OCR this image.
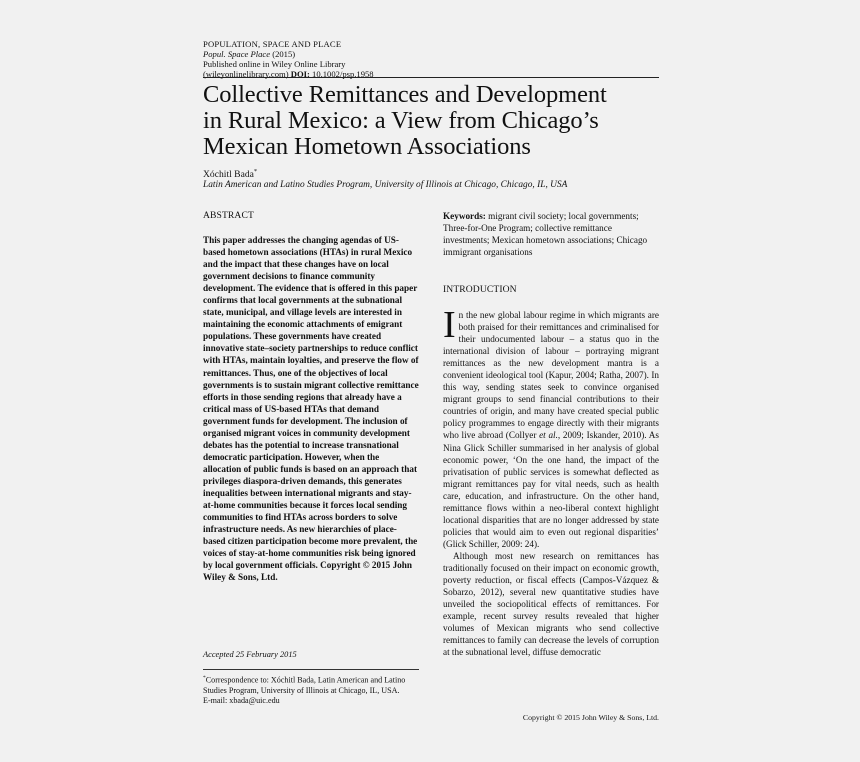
POPULATION, SPACE AND PLACE
Popul. Space Place (2015)
Published online in Wiley Online Library
(wileyonlinelibrary.com) DOI: 10.1002/psp.1958
Collective Remittances and Development
in Rural Mexico: a View from Chicago’s
Mexican Hometown Associations
Xóchitl Bada*
Latin American and Latino Studies Program, University of Illinois at Chicago, Chicago, IL, USA
ABSTRACT
This paper addresses the changing agendas of US-based hometown associations (HTAs) in rural Mexico and the impact that these changes have on local government decisions to finance community development. The evidence that is offered in this paper confirms that local governments at the subnational state, municipal, and village levels are interested in maintaining the economic attachments of emigrant populations. These governments have created innovative state–society partnerships to reduce conflict with HTAs, maintain loyalties, and preserve the flow of remittances. Thus, one of the objectives of local governments is to sustain migrant collective remittance efforts in those sending regions that already have a critical mass of US-based HTAs that demand government funds for development. The inclusion of organised migrant voices in community development debates has the potential to increase transnational democratic participation. However, when the allocation of public funds is based on an approach that privileges diaspora-driven demands, this generates inequalities between international migrants and stay-at-home communities because it forces local sending communities to find HTAs across borders to solve infrastructure needs. As new hierarchies of place-based citizen participation become more prevalent, the voices of stay-at-home communities risk being ignored by local government officials. Copyright © 2015 John Wiley & Sons, Ltd.
Accepted 25 February 2015
*Correspondence to: Xóchitl Bada, Latin American and Latino Studies Program, University of Illinois at Chicago, IL, USA.
E-mail: xbada@uic.edu
Keywords: migrant civil society; local governments; Three-for-One Program; collective remittance investments; Mexican hometown associations; Chicago immigrant organisations
INTRODUCTION

In the new global labour regime in which migrants are both praised for their remittances and criminalised for their undocumented labour – a status quo in the international division of labour – portraying migrant remittances as the new development mantra is a convenient ideological tool (Kapur, 2004; Ratha, 2007). In this way, sending states seek to convince organised migrant groups to send financial contributions to their countries of origin, and many have created special public policy programmes to engage directly with their migrants who live abroad (Collyer et al., 2009; Iskander, 2010). As Nina Glick Schiller summarised in her analysis of global economic power, ‘On the one hand, the impact of the privatisation of public services is somewhat deflected as migrant remittances pay for vital needs, such as health care, education, and infrastructure. On the other hand, remittance flows within a neo-liberal context highlight locational disparities that are no longer addressed by state policies that would aim to even out regional disparities’ (Glick Schiller, 2009: 24).

Although most new research on remittances has traditionally focused on their impact on economic growth, poverty reduction, or fiscal effects (Campos-Vázquez & Sobarzo, 2012), several new quantitative studies have unveiled the sociopolitical effects of remittances. For example, recent survey results revealed that higher volumes of Mexican migrants who send collective remittances to family can decrease the levels of corruption at the subnational level, diffuse democratic

Copyright © 2015 John Wiley & Sons, Ltd.
